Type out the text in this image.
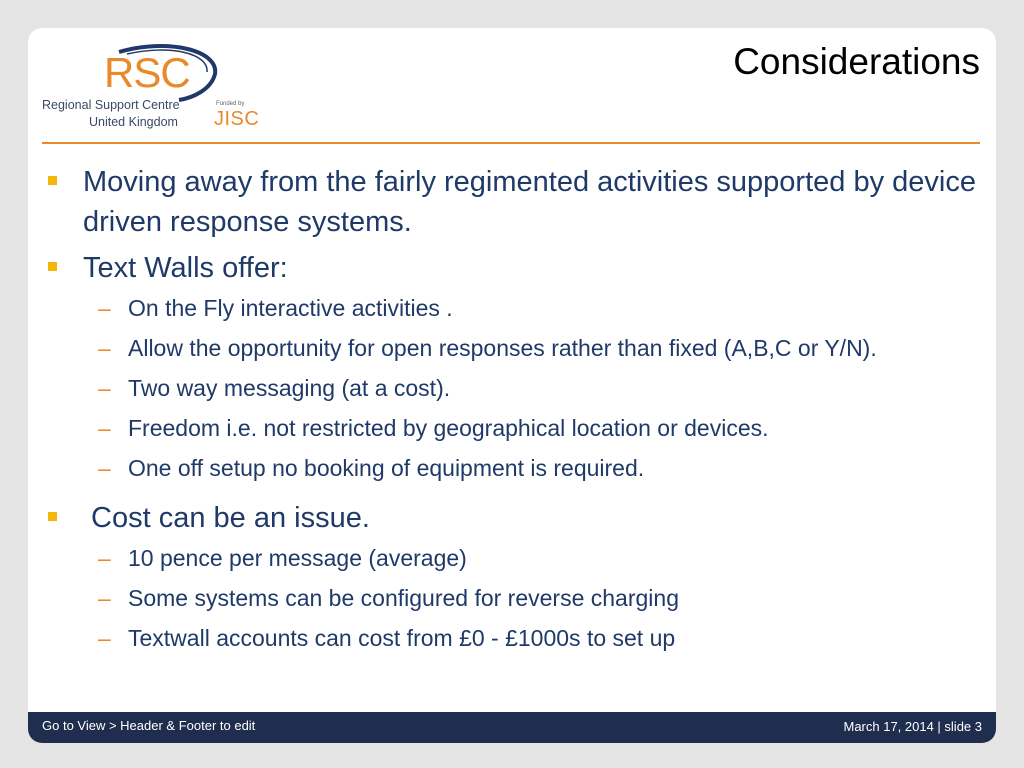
RSC
Regional Support Centre
United Kingdom
Funded by
JISC
Considerations
Moving away from the fairly regimented activities supported by device driven response systems.
Text Walls offer:
– On the Fly interactive activities .
– Allow the opportunity for open responses rather than fixed (A,B,C or Y/N).
– Two way messaging (at a cost).
– Freedom i.e. not restricted by geographical location or devices.
– One off setup no booking of equipment is required.
Cost can be an issue.
– 10 pence per message (average)
– Some systems can be configured for reverse charging
– Textwall accounts can cost from £0 - £1000s to set up
Go to View > Header & Footer to edit	March 17, 2014 | slide 3
